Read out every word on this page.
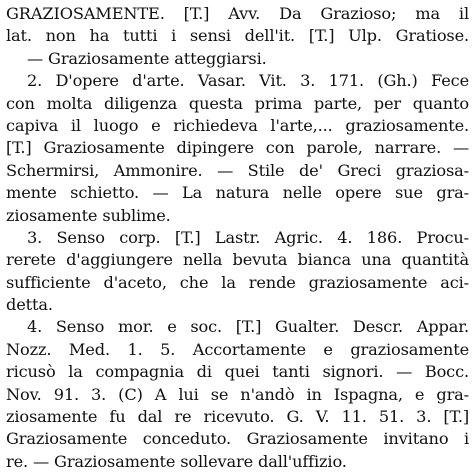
GRAZIOSAMENTE. [T.] Avv. Da Grazioso; ma il
lat. non ha tutti i sensi dell'it. [T.] Ulp. Gratiose.
— Graziosamente atteggiarsi.
2. D'opere d'arte. Vasar. Vit. 3. 171. (Gh.) Fece
con molta diligenza questa prima parte, per quanto
capiva il luogo e richiedeva l'arte,... graziosamente.
[T.] Graziosamente dipingere con parole, narrare. —
Schermirsi, Ammonire. — Stile de' Greci graziosa-
mente schietto. — La natura nelle opere sue gra-
ziosamente sublime.
3. Senso corp. [T.] Lastr. Agric. 4. 186. Procu-
rerete d'aggiungere nella bevuta bianca una quantità
sufficiente d'aceto, che la rende graziosamente aci-
detta.
4. Senso mor. e soc. [T.] Gualter. Descr. Appar.
Nozz. Med. 1. 5. Accortamente e graziosamente
ricusò la compagnia di quei tanti signori. — Bocc.
Nov. 91. 3. (C) A lui se n'andò in Ispagna, e gra-
ziosamente fu dal re ricevuto. G. V. 11. 51. 3. [T.]
Graziosamente conceduto. Graziosamente invitano i
re. — Graziosamente sollevare dall'uffizio.
